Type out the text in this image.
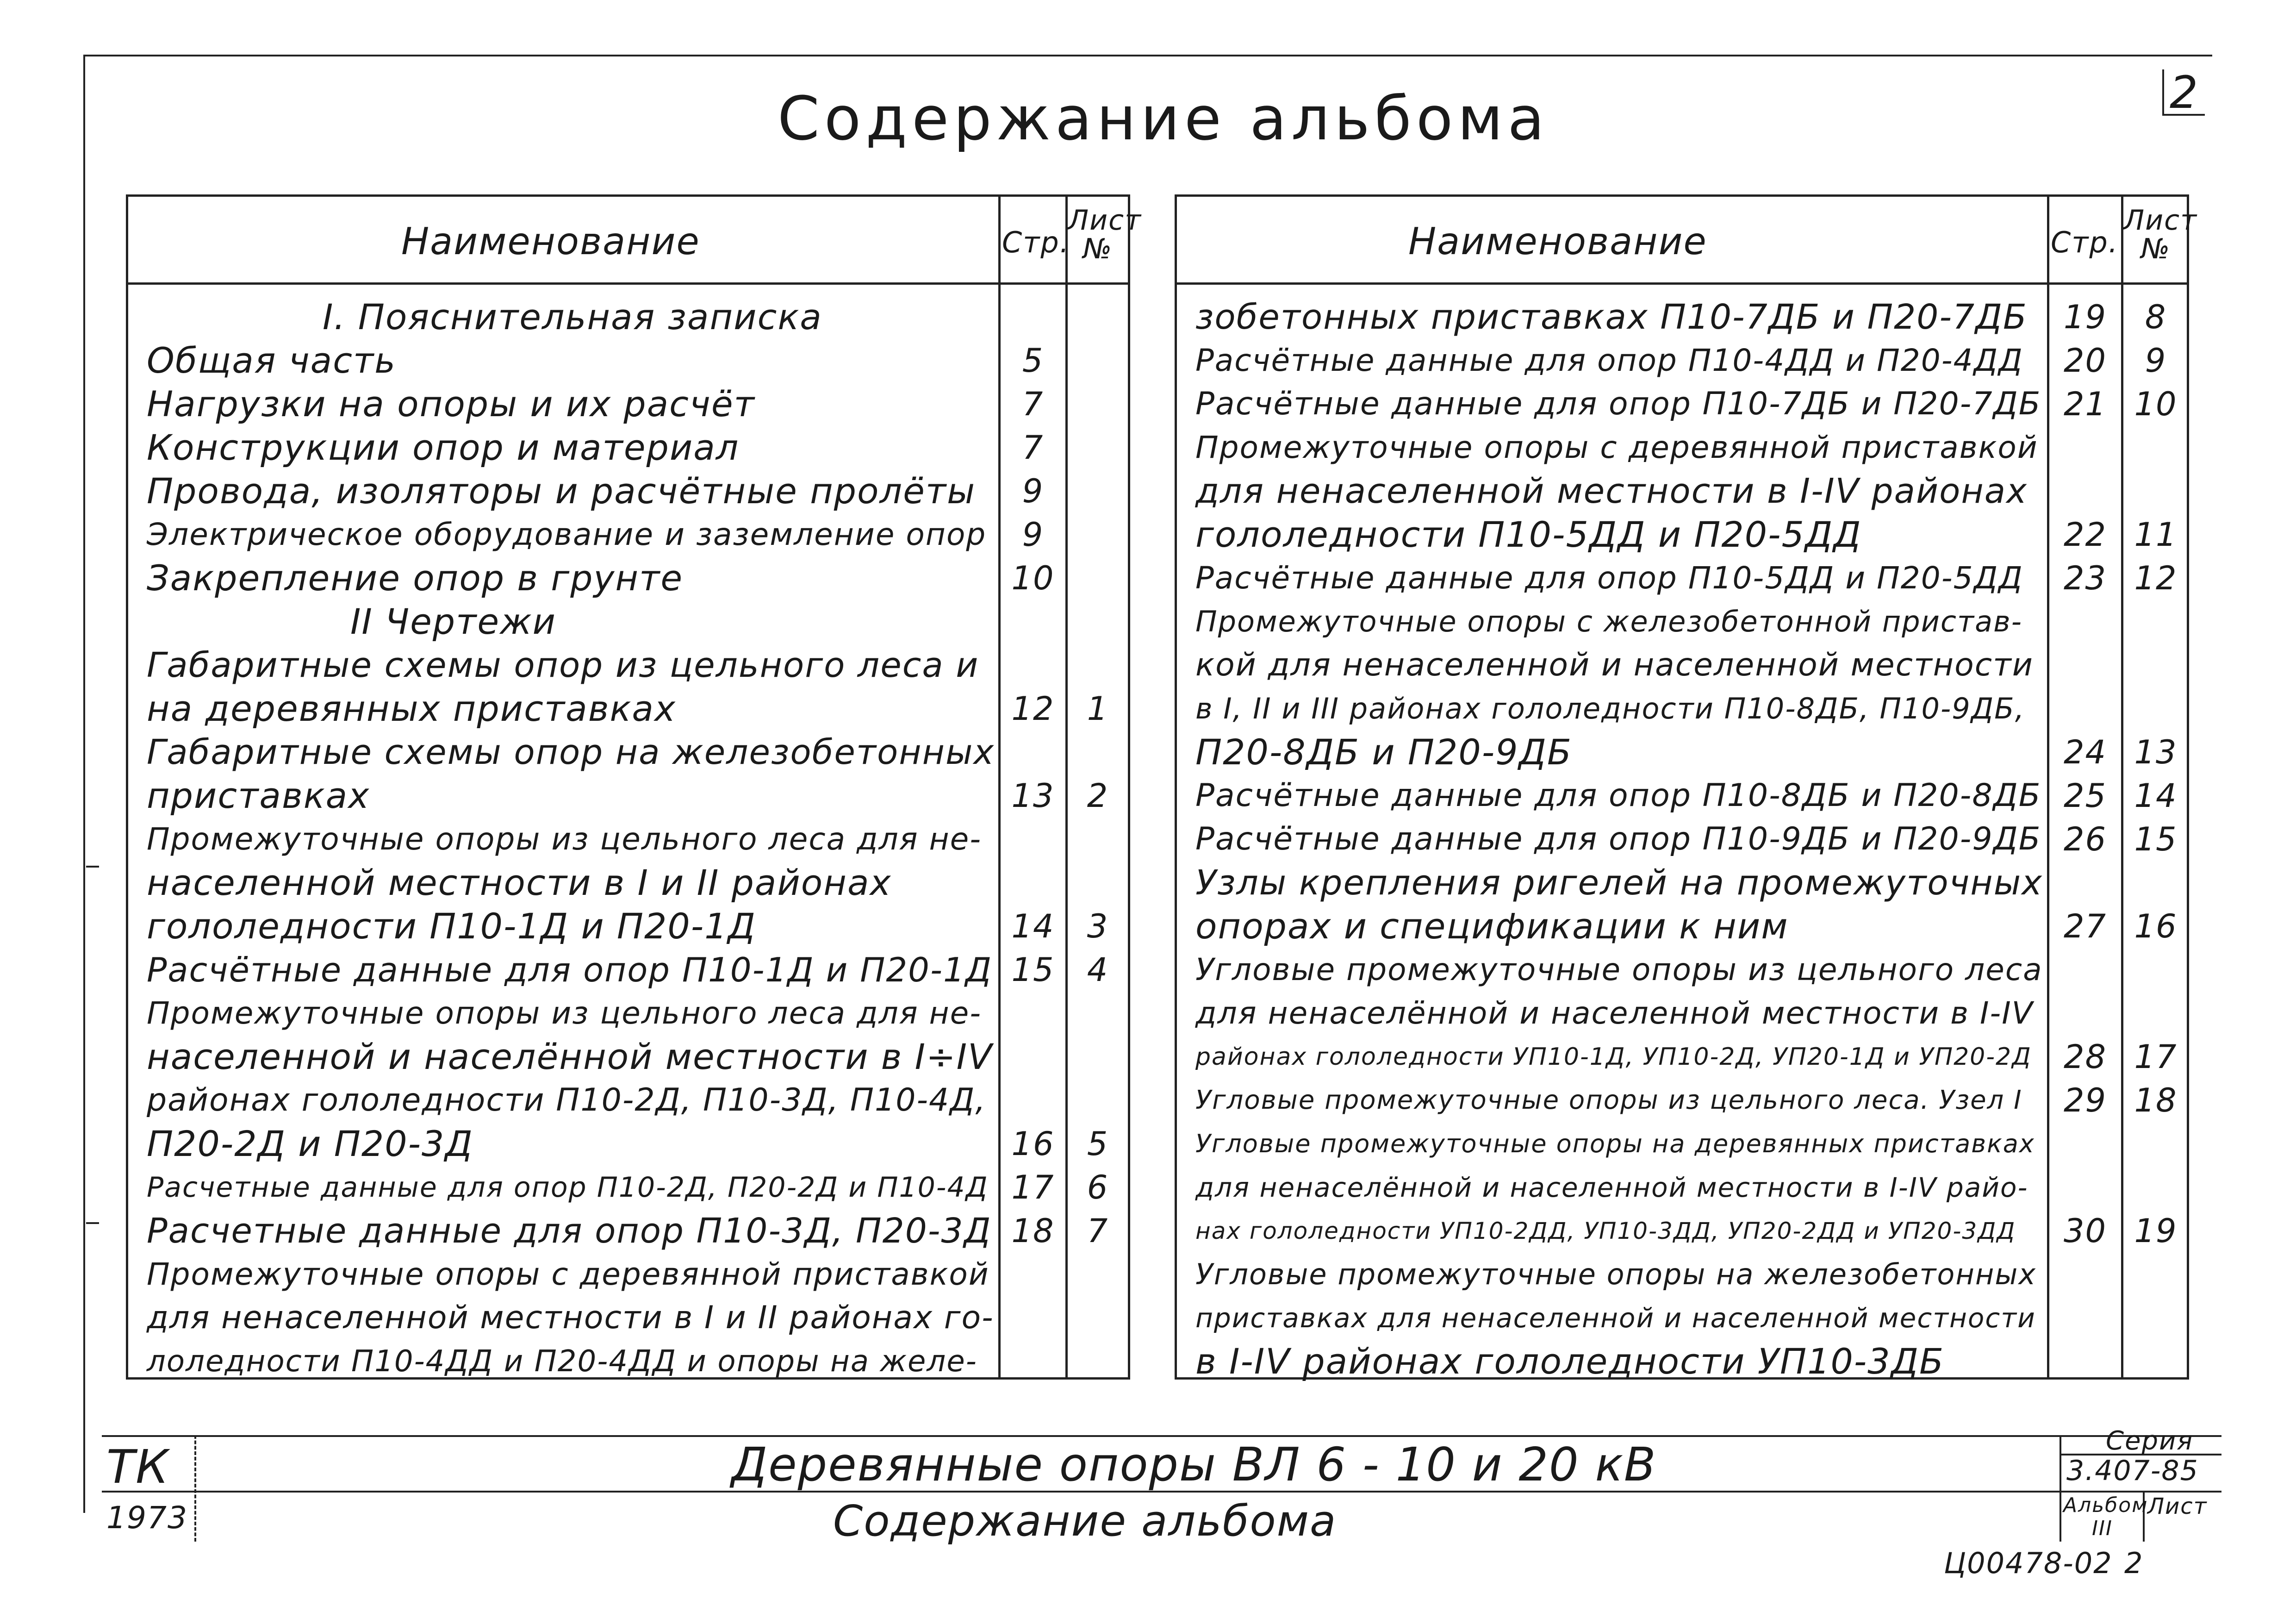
2
Содержание альбома
Наименование	Стр.
Лист
№
I. Пояснительная записка
Общая часть	5
Нагрузки на опоры и их расчёт	7
Конструкции опор и материал	7
Провода, изоляторы и расчётные пролёты	9
Электрическое оборудование и заземление опор	9
Закрепление опор в грунте	10
II Чертежи
Габаритные схемы опор из цельного леса и
на деревянных приставках	12	1
Габаритные схемы опор на железобетонных
приставках	13	2
Промежуточные опоры из цельного леса для не-
населенной местности в I и II районах
гололедности П10-1Д и П20-1Д	14	3
Расчётные данные для опор П10-1Д и П20-1Д 15	4
Промежуточные опоры из цельного леса для не-
населенной и населённой местности в I÷IV
районах гололедности П10-2Д, П10-3Д, П10-4Д,
П20-2Д и П20-3Д	16	5
Расчетные данные для опор П10-2Д, П20-2Д и П10-4Д 17	6
Расчетные данные для опор П10-3Д, П20-3Д 18	7
Промежуточные опоры с деревянной приставкой
для ненаселенной местности в I и II районах го-
лоледности П10-4ДД и П20-4ДД и опоры на желе-
Наименование	Стр.
Лист
№
зобетонных приставках П10-7ДБ и П20-7ДБ	19	8
Расчётные данные для опор П10-4ДД и П20-4ДД	20	9
Расчётные данные для опор П10-7ДБ и П20-7ДБ 21 10
Промежуточные опоры с деревянной приставкой
для ненаселенной местности в I-IV районах
гололедности П10-5ДД и П20-5ДД	22 11
Расчётные данные для опор П10-5ДД и П20-5ДД	23 12
Промежуточные опоры с железобетонной пристав-
кой для ненаселенной и населенной местности
в I, II и III районах гололедности П10-8ДБ, П10-9ДБ,
П20-8ДБ и П20-9ДБ	24 13
Расчётные данные для опор П10-8ДБ и П20-8ДБ 25 14
Расчётные данные для опор П10-9ДБ и П20-9ДБ 26 15
Узлы крепления ригелей на промежуточных
опорах и спецификации к ним	27 16
Угловые промежуточные опоры из цельного леса
для ненаселённой и населенной местности в I-IV
районах гололедности УП10-1Д, УП10-2Д, УП20-1Д и УП20-2Д 28 17
Угловые промежуточные опоры из цельного леса. Узел I	29 18
Угловые промежуточные опоры на деревянных приставках
для ненаселённой и населенной местности в I-IV райо-
нах гололедности УП10-2ДД, УП10-3ДД, УП20-2ДД и УП20-3ДД	30 19
Угловые промежуточные опоры на железобетонных
приставках для ненаселенной и населенной местности
в I-IV районах гололедности УП10-3ДБ
ТК
1973
Деревянные опоры ВЛ 6 - 10 и 20 кВ
Содержание альбома
Серия
3.407-85
Альбом
III
Лист
Ц00478-02 2
